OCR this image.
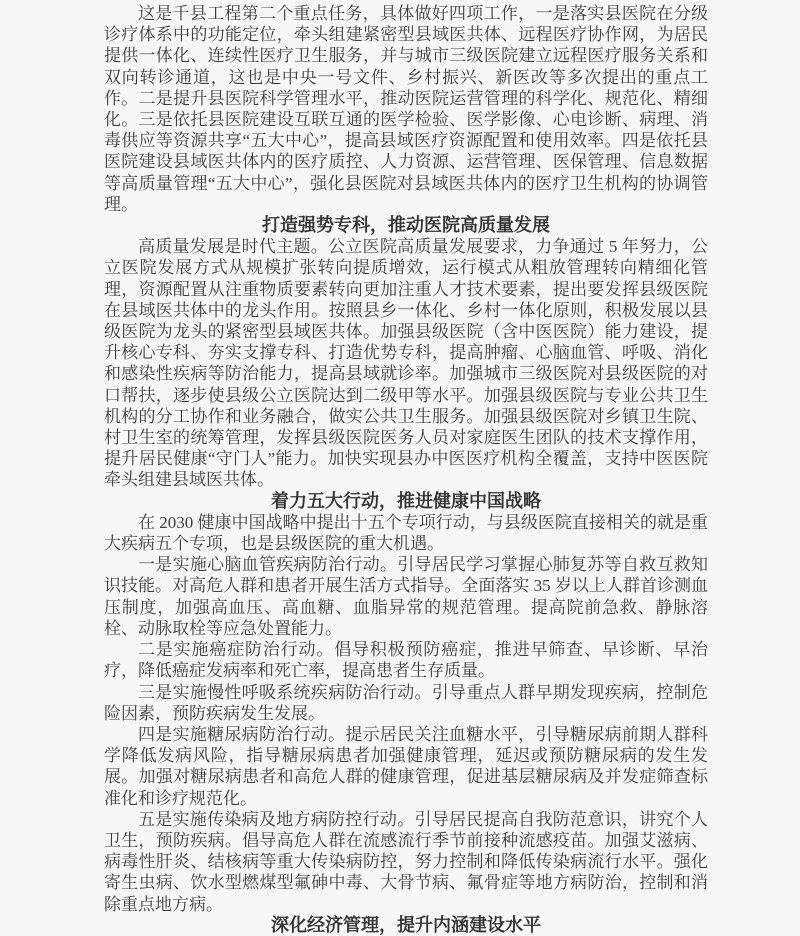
这是千县工程第二个重点任务，具体做好四项工作，一是落实县医院在分级诊疗体系中的功能定位，牵头组建紧密型县域医共体、远程医疗协作网，为居民提供一体化、连续性医疗卫生服务，并与城市三级医院建立远程医疗服务关系和双向转诊通道，这也是中央一号文件、乡村振兴、新医改等多次提出的重点工作。二是提升县医院科学管理水平，推动医院运营管理的科学化、规范化、精细化。三是依托县医院建设互联互通的医学检验、医学影像、心电诊断、病理、消毒供应等资源共享“五大中心”，提高县域医疗资源配置和使用效率。四是依托县医院建设县域医共体内的医疗质控、人力资源、运营管理、医保管理、信息数据等高质量管理“五大中心”，强化县医院对县域医共体内的医疗卫生机构的协调管理。

打造强势专科，推动医院高质量发展

高质量发展是时代主题。公立医院高质量发展要求，力争通过 5 年努力，公立医院发展方式从规模扩张转向提质增效，运行模式从粗放管理转向精细化管理，资源配置从注重物质要素转向更加注重人才技术要素，提出要发挥县级医院在县域医共体中的龙头作用。按照县乡一体化、乡村一体化原则，积极发展以县级医院为龙头的紧密型县域医共体。加强县级医院（含中医医院）能力建设，提升核心专科、夯实支撑专科、打造优势专科，提高肿瘤、心脑血管、呼吸、消化和感染性疾病等防治能力，提高县域就诊率。加强城市三级医院对县级医院的对口帮扶，逐步使县级公立医院达到二级甲等水平。加强县级医院与专业公共卫生机构的分工协作和业务融合，做实公共卫生服务。加强县级医院对乡镇卫生院、村卫生室的统筹管理，发挥县级医院医务人员对家庭医生团队的技术支撑作用，提升居民健康“守门人”能力。加快实现县办中医医疗机构全覆盖，支持中医医院牵头组建县域医共体。

着力五大行动，推进健康中国战略

在 2030 健康中国战略中提出十五个专项行动，与县级医院直接相关的就是重大疾病五个专项，也是县级医院的重大机遇。

一是实施心脑血管疾病防治行动。引导居民学习掌握心肺复苏等自救互救知识技能。对高危人群和患者开展生活方式指导。全面落实 35 岁以上人群首诊测血压制度，加强高血压、高血糖、血脂异常的规范管理。提高院前急救、静脉溶栓、动脉取栓等应急处置能力。

二是实施癌症防治行动。倡导积极预防癌症，推进早筛查、早诊断、早治疗，降低癌症发病率和死亡率，提高患者生存质量。

三是实施慢性呼吸系统疾病防治行动。引导重点人群早期发现疾病，控制危险因素，预防疾病发生发展。

四是实施糖尿病防治行动。提示居民关注血糖水平，引导糖尿病前期人群科学降低发病风险，指导糖尿病患者加强健康管理，延迟或预防糖尿病的发生发展。加强对糖尿病患者和高危人群的健康管理，促进基层糖尿病及并发症筛查标准化和诊疗规范化。

五是实施传染病及地方病防控行动。引导居民提高自我防范意识，讲究个人卫生，预防疾病。倡导高危人群在流感流行季节前接种流感疫苗。加强艾滋病、病毒性肝炎、结核病等重大传染病防控，努力控制和降低传染病流行水平。强化寄生虫病、饮水型燃煤型氟砷中毒、大骨节病、氟骨症等地方病防治，控制和消除重点地方病。

深化经济管理，提升内涵建设水平
